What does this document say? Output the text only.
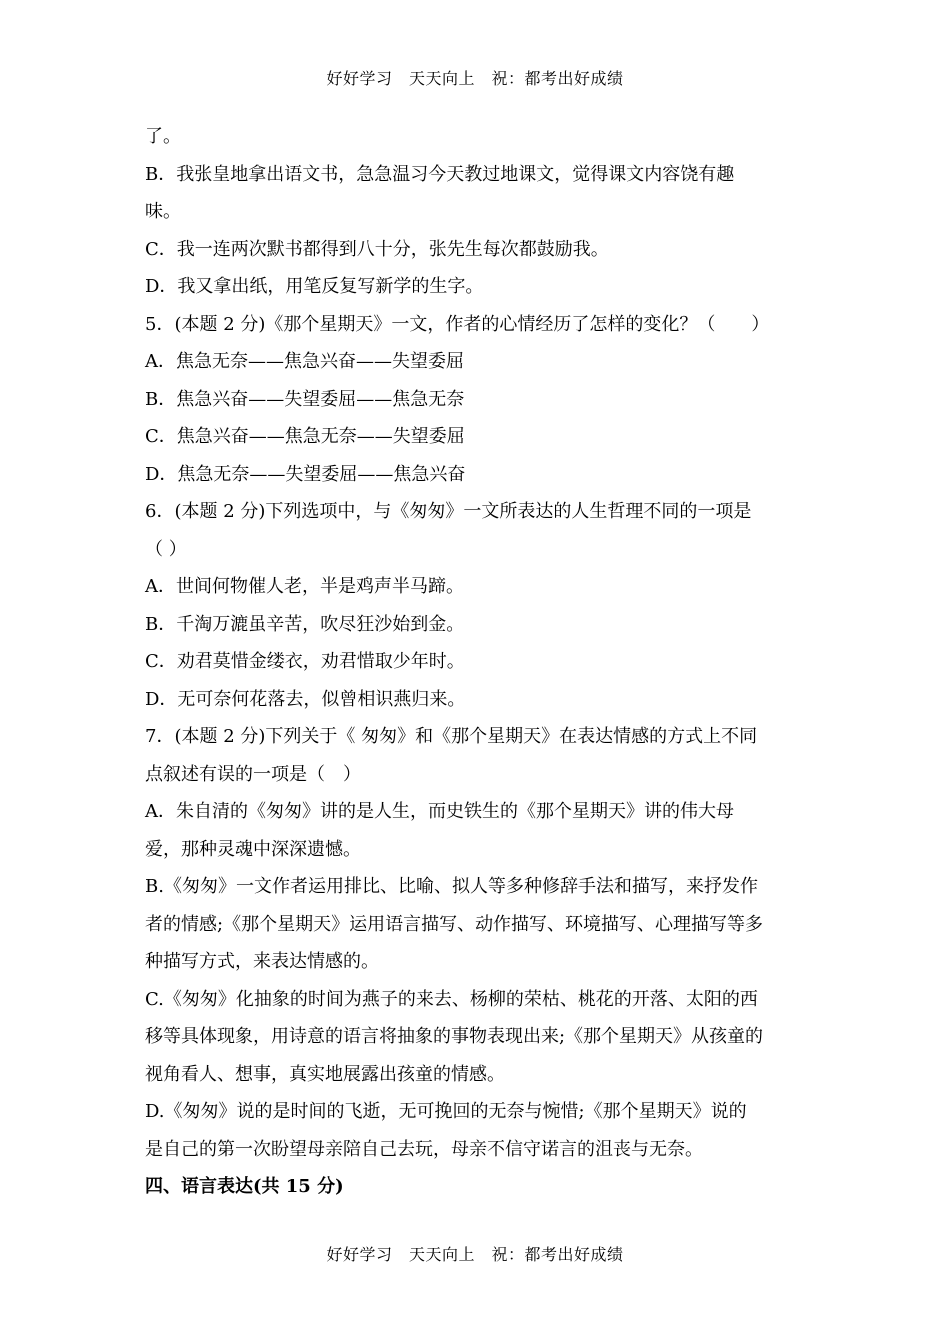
好好学习　天天向上　祝：都考出好成绩
了。
B．我张皇地拿出语文书，急急温习今天教过地课文，觉得课文内容饶有趣
味。
C．我一连两次默书都得到八十分，张先生每次都鼓励我。
D．我又拿出纸，用笔反复写新学的生字。
5．(本题 2 分)《那个星期天》一文，作者的心情经历了怎样的变化？（　　）
A．焦急无奈——焦急兴奋——失望委屈
B．焦急兴奋——失望委屈——焦急无奈
C．焦急兴奋——焦急无奈——失望委屈
D．焦急无奈——失望委屈——焦急兴奋
6．(本题 2 分)下列选项中，与《匆匆》一文所表达的人生哲理不同的一项是
（ ）
A．世间何物催人老，半是鸡声半马蹄。
B．千淘万漉虽辛苦，吹尽狂沙始到金。
C．劝君莫惜金缕衣，劝君惜取少年时。
D．无可奈何花落去，似曾相识燕归来。
7．(本题 2 分)下列关于《 匆匆》和《那个星期天》在表达情感的方式上不同
点叙述有误的一项是（　）
A．朱自清的《匆匆》讲的是人生，而史铁生的《那个星期天》讲的伟大母
爱，那种灵魂中深深遗憾。
B.《匆匆》一文作者运用排比、比喻、拟人等多种修辞手法和描写，来抒发作
者的情感;《那个星期天》运用语言描写、动作描写、环境描写、心理描写等多
种描写方式，来表达情感的。
C.《匆匆》化抽象的时间为燕子的来去、杨柳的荣枯、桃花的开落、太阳的西
移等具体现象，用诗意的语言将抽象的事物表现出来;《那个星期天》从孩童的
视角看人、想事，真实地展露出孩童的情感。
D.《匆匆》说的是时间的飞逝，无可挽回的无奈与惋惜;《那个星期天》说的
是自己的第一次盼望母亲陪自己去玩，母亲不信守诺言的沮丧与无奈。
四、语言表达(共 15 分)
好好学习　天天向上　祝：都考出好成绩
